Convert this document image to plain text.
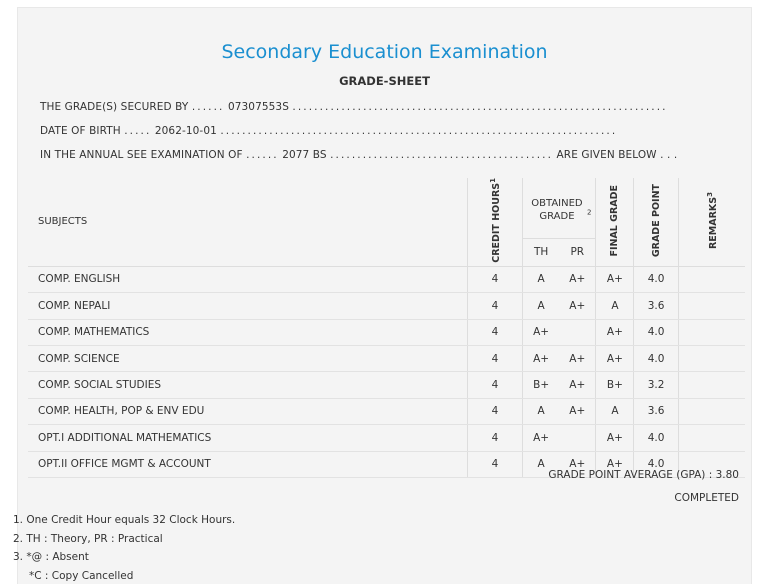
Secondary Education Examination
GRADE-SHEET
THE GRADE(S) SECURED BY ...... 07307553S .....................................................................
DATE OF BIRTH ..... 2062-10-01 .........................................................................
IN THE ANNUAL SEE EXAMINATION OF ...... 2077 BS ......................................... ARE GIVEN BELOW . . .
SUBJECTS	CREDIT HOURS$^1$	OBTAINED GRADE $^2$		FINAL GRADE	GRADE POINT	REMARKS$^3$
		TH	PR			
COMP. ENGLISH	4	A	A+	A+	4.0	
COMP. NEPALI	4	A	A+	A	3.6	
COMP. MATHEMATICS	4	A+		A+	4.0	
COMP. SCIENCE	4	A+	A+	A+	4.0	
COMP. SOCIAL STUDIES	4	B+	A+	B+	3.2	
COMP. HEALTH, POP & ENV EDU	4	A	A+	A	3.6	
OPT.I ADDITIONAL MATHEMATICS	4	A+		A+	4.0	
OPT.II OFFICE MGMT & ACCOUNT	4	A	A+	A+	4.0	
GRADE POINT AVERAGE (GPA) : 3.80
COMPLETED
1. One Credit Hour equals 32 Clock Hours.
2. TH : Theory, PR : Practical
3. *@ : Absent
*C : Copy Cancelled
